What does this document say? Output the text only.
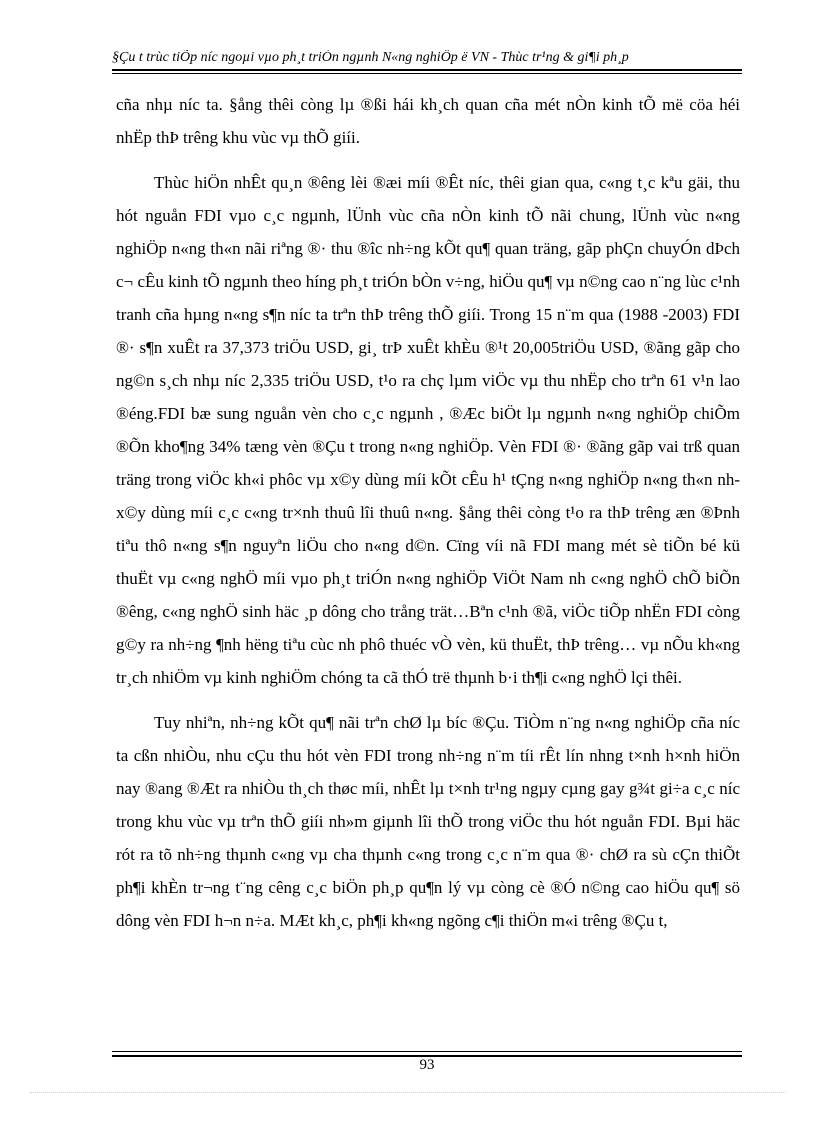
§Çu t trùc tiÕp níc ngoµi vµo ph¸t triÓn ngµnh N«ng nghiÖp ë VN - Thùc tr¹ng & gi¶i ph¸p

cña nhµ níc ta. §ång thêi còng lµ ®ßi hái kh¸ch quan cña mét nÒn kinh tÕ më cöa héi nhËp thÞ trêng khu vùc vµ thÕ giíi.

Thùc hiÖn nhÊt qu¸n ®êng lèi ®æi míi ®Êt níc, thêi gian qua, c«ng t¸c kªu gäi, thu hót nguån FDI vµo c¸c ngµnh, lÜnh vùc cña nÒn kinh tÕ nãi chung, lÜnh vùc n«ng nghiÖp n«ng th«n nãi riªng ®· thu ®îc nh÷ng kÕt qu¶ quan träng, gãp phÇn chuyÓn dÞch c¬ cÊu kinh tÕ ngµnh theo híng ph¸t triÓn bÒn v÷ng, hiÖu qu¶ vµ n©ng cao n¨ng lùc c¹nh tranh cña hµng n«ng s¶n níc ta trªn thÞ trêng thÕ giíi. Trong 15 n¨m qua (1988 -2003) FDI ®· s¶n xuÊt ra 37,373 triÖu USD, gi¸ trÞ xuÊt khÈu ®¹t 20,005triÖu USD, ®ãng gãp cho ng©n s¸ch nhµ níc 2,335 triÖu USD, t¹o ra chç lµm viÖc vµ thu nhËp cho trªn 61 v¹n lao ®éng.FDI bæ sung nguån vèn cho c¸c ngµnh , ®Æc biÖt lµ ngµnh n«ng nghiÖp chiÕm ®Õn kho¶ng 34% tæng vèn ®Çu t trong n«ng nghiÖp. Vèn FDI ®· ®ãng gãp vai trß quan träng trong viÖc kh«i phôc vµ x©y dùng míi kÕt cÊu h¹ tÇng n«ng nghiÖp n«ng th«n nh x©y dùng míi c¸c c«ng tr×nh thuû lîi thuû n«ng. §ång thêi còng t¹o ra thÞ trêng æn ®Þnh tiªu thô n«ng s¶n nguyªn liÖu cho n«ng d©n. Cïng víi nã FDI mang mét sè tiÕn bé kü thuËt vµ c«ng nghÖ míi vµo ph¸t triÓn n«ng nghiÖp ViÖt Nam nh c«ng nghÖ chÕ biÕn ®êng, c«ng nghÖ sinh häc ¸p dông cho trång trät…Bªn c¹nh ®ã, viÖc tiÕp nhËn FDI còng g©y ra nh÷ng ¶nh hëng tiªu cùc nh phô thuéc vÒ vèn, kü thuËt, thÞ trêng… vµ nÕu kh«ng tr¸ch nhiÖm vµ kinh nghiÖm chóng ta cã thÓ trë thµnh b·i th¶i c«ng nghÖ lçi thêi.

Tuy nhiªn, nh÷ng kÕt qu¶ nãi trªn chØ lµ bíc ®Çu. TiÒm n¨ng n«ng nghiÖp cña níc ta cßn nhiÒu, nhu cÇu thu hót vèn FDI trong nh÷ng n¨m tíi rÊt lín nhng t×nh h×nh hiÖn nay ®ang ®Æt ra nhiÒu th¸ch thøc míi, nhÊt lµ t×nh tr¹ng ngµy cµng gay g¾t gi÷a c¸c níc trong khu vùc vµ trªn thÕ giíi nh»m giµnh lîi thÕ trong viÖc thu hót nguån FDI. Bµi häc rót ra tõ nh÷ng thµnh c«ng vµ cha thµnh c«ng trong c¸c n¨m qua ®· chØ ra sù cÇn thiÕt ph¶i khÈn tr¬ng t¨ng cêng c¸c biÖn ph¸p qu¶n lý vµ còng cè ®Ó n©ng cao hiÖu qu¶ sö dông vèn FDI h¬n n÷a. MÆt kh¸c, ph¶i kh«ng ngõng c¶i thiÖn m«i trêng ®Çu t,

93
